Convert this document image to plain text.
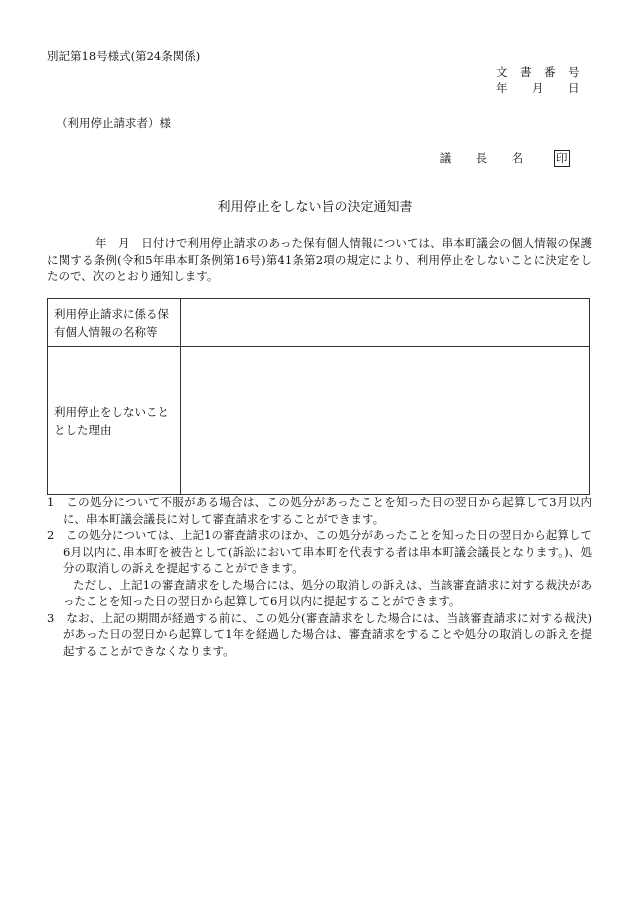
別記第18号様式(第24条関係)
文　書　番　号
年　　月　　日
（利用停止請求者）様
議　　長　　名	印
利用停止をしない旨の決定通知書
年　月　日付けで利用停止請求のあった保有個人情報については、串本町議会の個人情報の保護に関する条例(令和5年串本町条例第16号)第41条第2項の規定により、利用停止をしないことに決定をしたので、次のとおり通知します。
利用停止請求に係る保有個人情報の名称等	
利用停止をしないこととした理由	

1　この処分について不服がある場合は、この処分があったことを知った日の翌日から起算して3月以内に、串本町議会議長に対して審査請求をすることができます。

2　この処分については、上記1の審査請求のほか、この処分があったことを知った日の翌日から起算して6月以内に､串本町を被告として(訴訟において串本町を代表する者は串本町議会議長となります。)、処分の取消しの訴えを提起することができます。

ただし、上記1の審査請求をした場合には、処分の取消しの訴えは、当該審査請求に対する裁決があったことを知った日の翌日から起算して6月以内に提起することができます。

3　なお、上記の期間が経過する前に、この処分(審査請求をした場合には、当該審査請求に対する裁決)があった日の翌日から起算して1年を経過した場合は、審査請求をすることや処分の取消しの訴えを提起することができなくなります。
